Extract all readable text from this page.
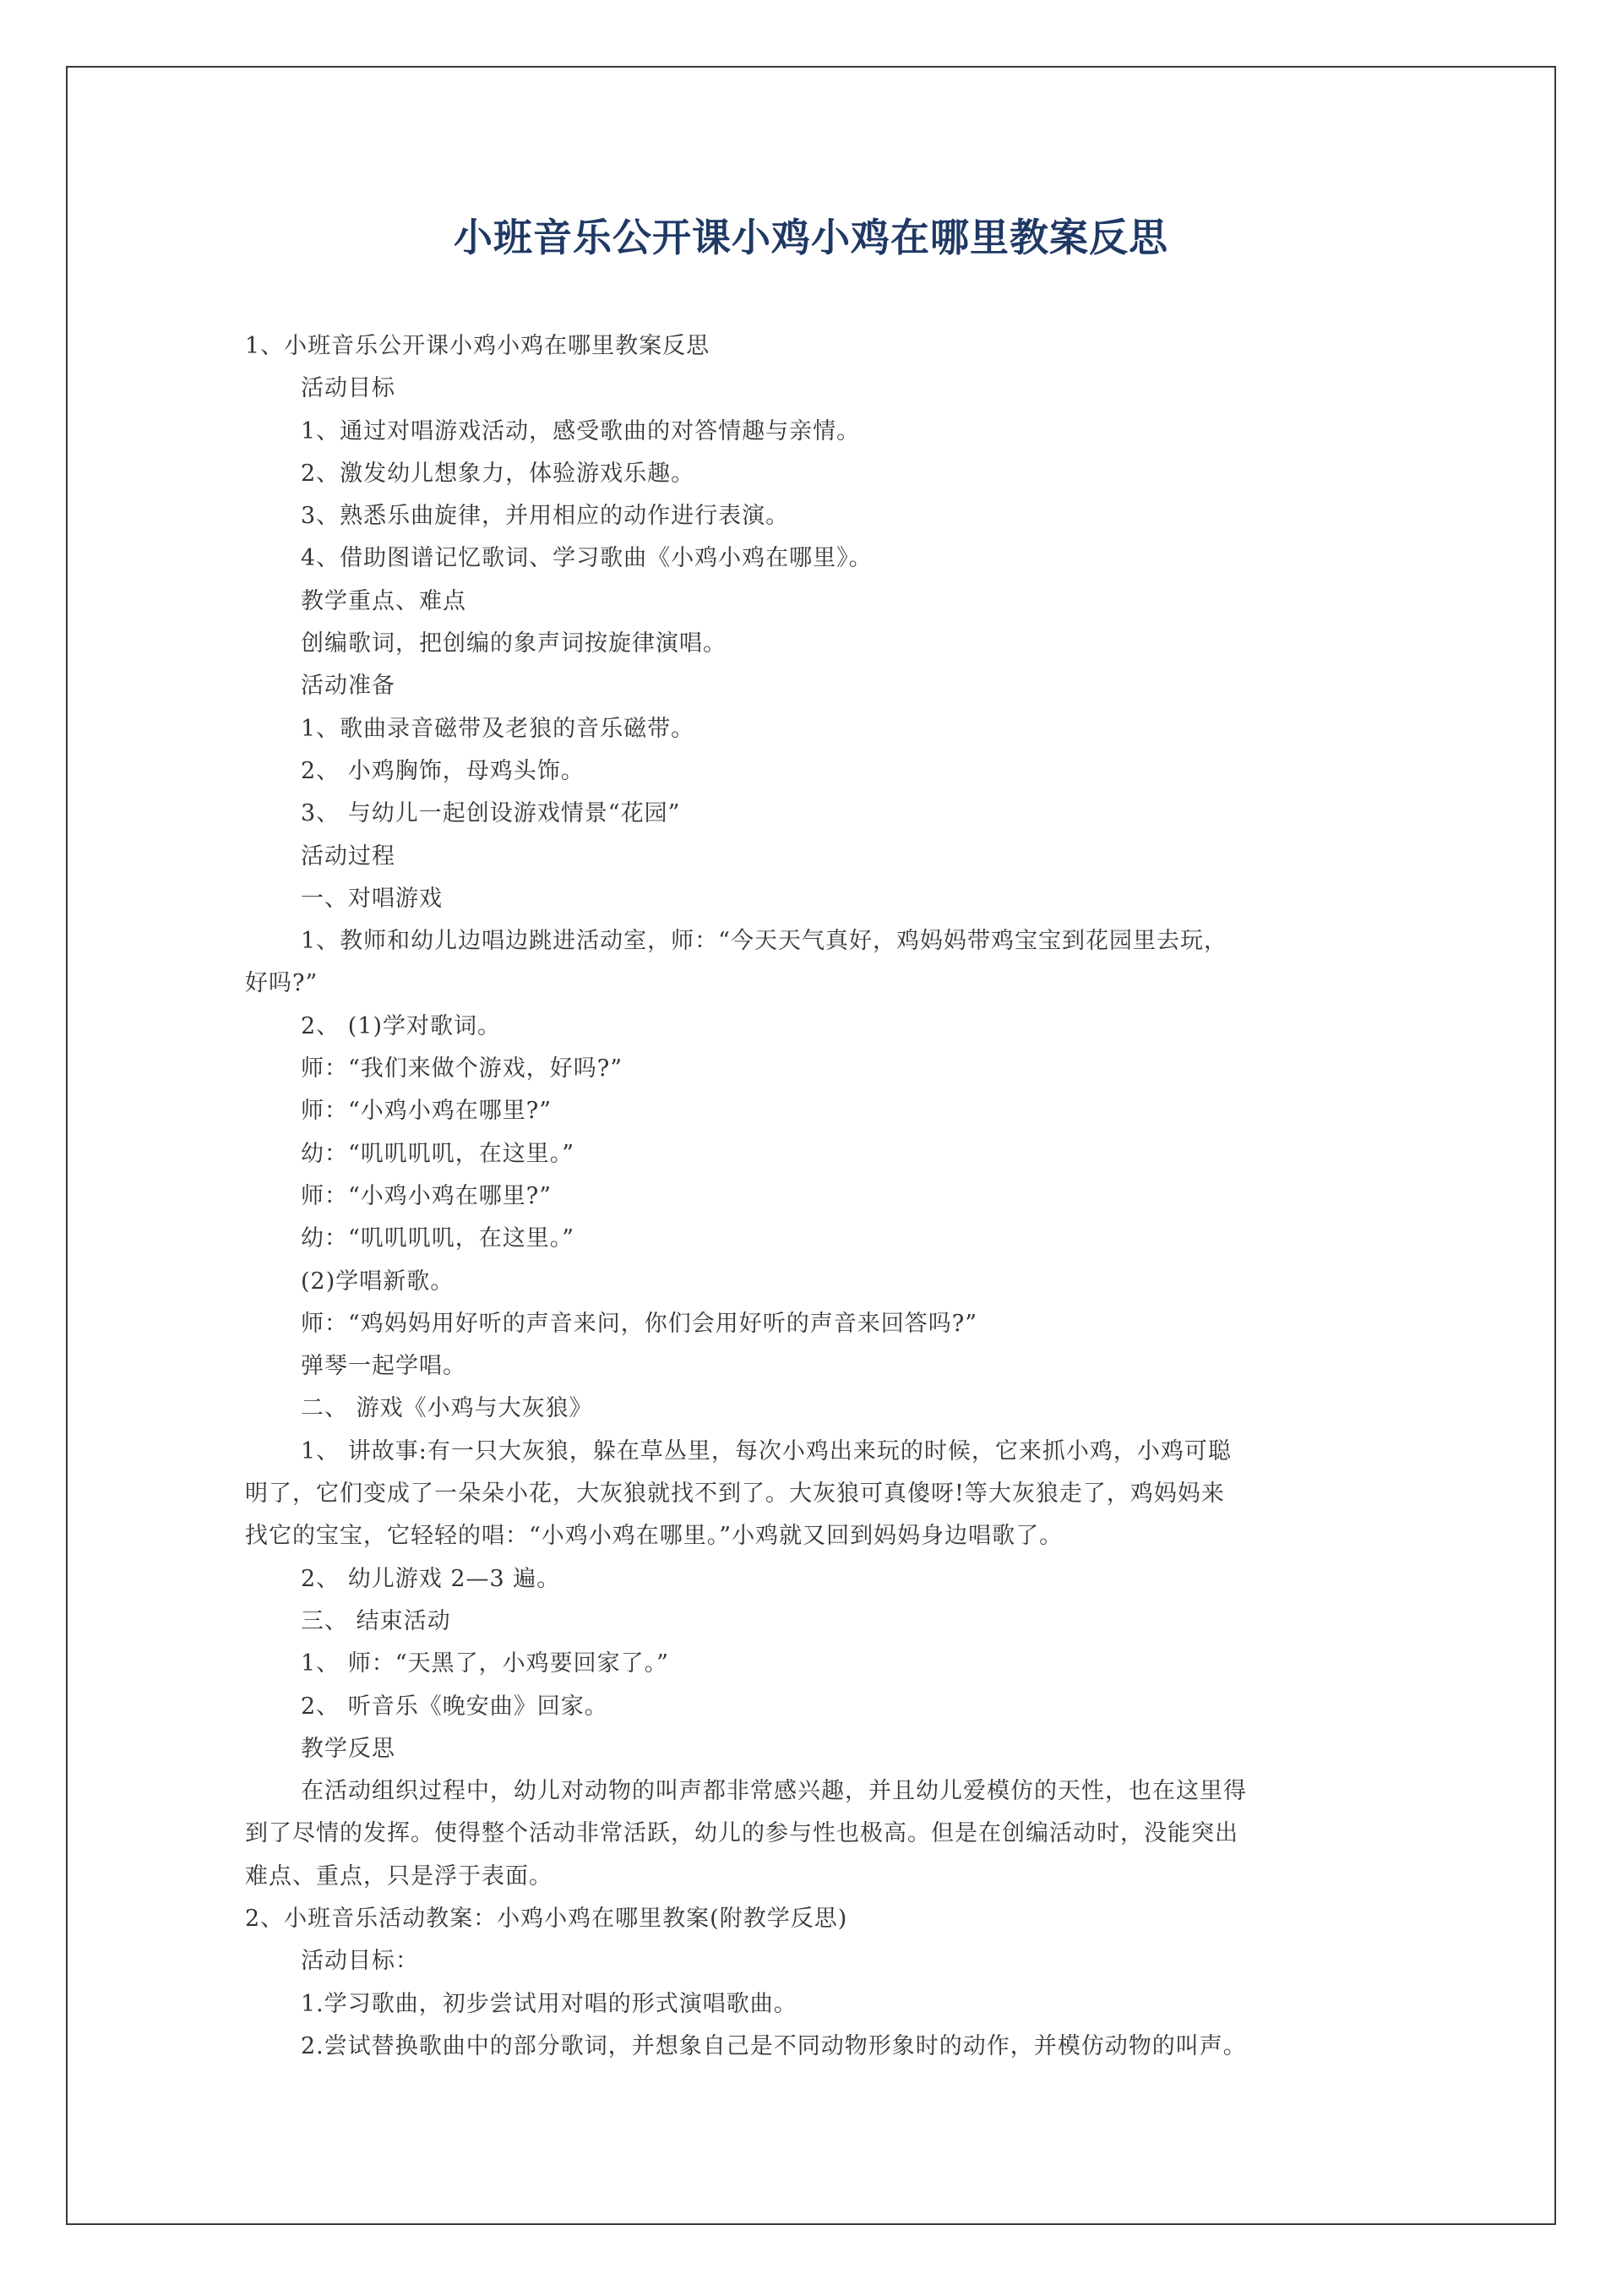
小班音乐公开课小鸡小鸡在哪里教案反思
1、小班音乐公开课小鸡小鸡在哪里教案反思
活动目标
1、通过对唱游戏活动，感受歌曲的对答情趣与亲情。
2、激发幼儿想象力，体验游戏乐趣。
3、熟悉乐曲旋律，并用相应的动作进行表演。
4、借助图谱记忆歌词、学习歌曲《小鸡小鸡在哪里》。
教学重点、难点
创编歌词，把创编的象声词按旋律演唱。
活动准备
1、歌曲录音磁带及老狼的音乐磁带。
2、 小鸡胸饰，母鸡头饰。
3、 与幼儿一起创设游戏情景“花园”
活动过程
一、对唱游戏
1、教师和幼儿边唱边跳进活动室，师：“今天天气真好，鸡妈妈带鸡宝宝到花园里去玩，
好吗?”
2、 (1)学对歌词。
师：“我们来做个游戏，好吗?”
师：“小鸡小鸡在哪里?”
幼：“叽叽叽叽，在这里。”
师：“小鸡小鸡在哪里?”
幼：“叽叽叽叽，在这里。”
(2)学唱新歌。
师：“鸡妈妈用好听的声音来问，你们会用好听的声音来回答吗?”
弹琴一起学唱。
二、 游戏《小鸡与大灰狼》
1、 讲故事:有一只大灰狼，躲在草丛里，每次小鸡出来玩的时候，它来抓小鸡，小鸡可聪
明了，它们变成了一朵朵小花，大灰狼就找不到了。大灰狼可真傻呀!等大灰狼走了，鸡妈妈来
找它的宝宝，它轻轻的唱：“小鸡小鸡在哪里。”小鸡就又回到妈妈身边唱歌了。
2、 幼儿游戏 2—3 遍。
三、 结束活动
1、 师：“天黑了，小鸡要回家了。”
2、 听音乐《晚安曲》回家。
教学反思
在活动组织过程中，幼儿对动物的叫声都非常感兴趣，并且幼儿爱模仿的天性，也在这里得
到了尽情的发挥。使得整个活动非常活跃，幼儿的参与性也极高。但是在创编活动时，没能突出
难点、重点，只是浮于表面。
2、小班音乐活动教案：小鸡小鸡在哪里教案(附教学反思)
活动目标：
1.学习歌曲，初步尝试用对唱的形式演唱歌曲。
2.尝试替换歌曲中的部分歌词，并想象自己是不同动物形象时的动作，并模仿动物的叫声。
